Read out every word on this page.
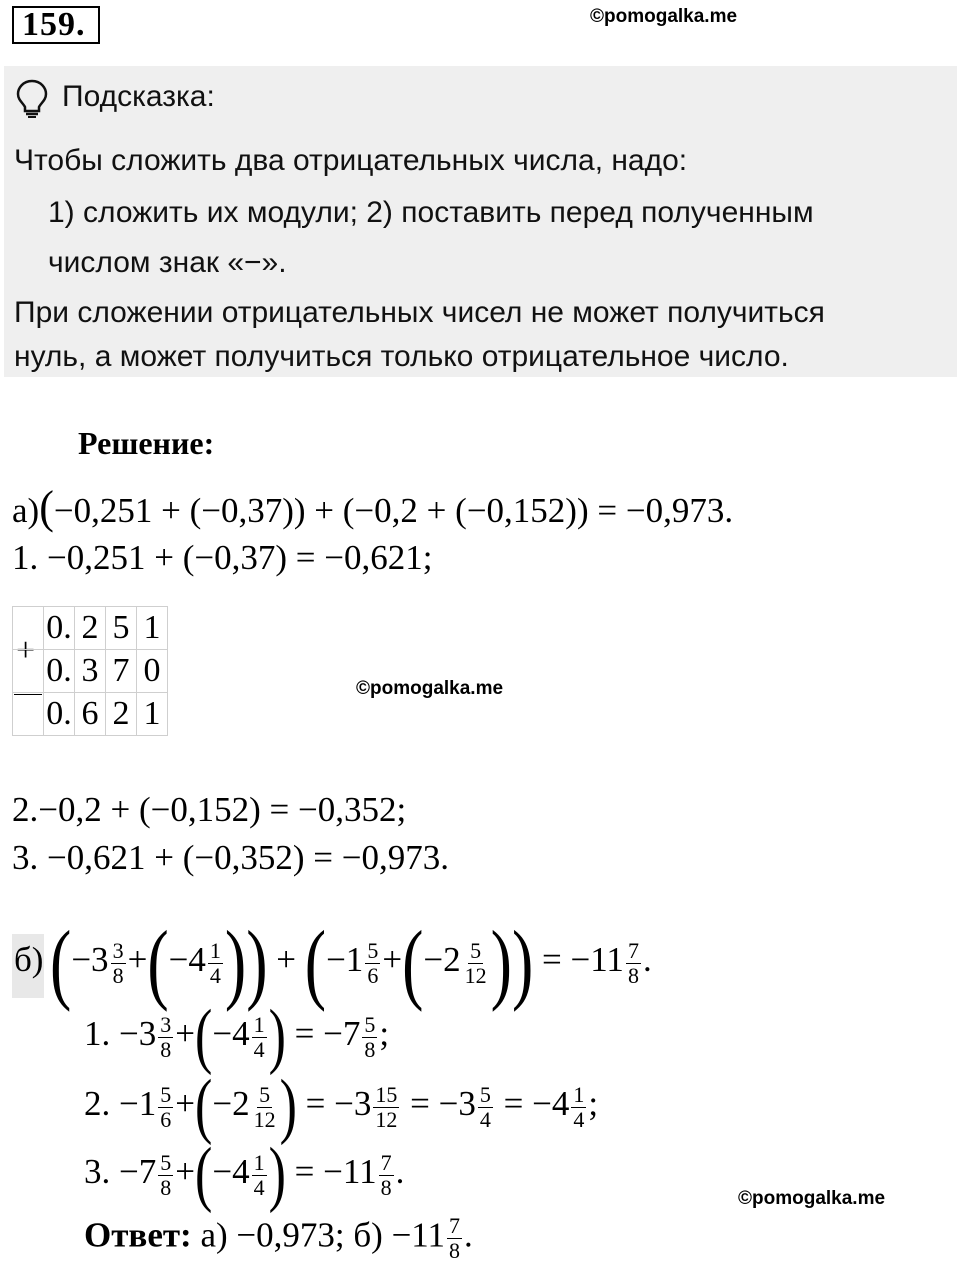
159.	©pomogalka.me
Подсказка:
Чтобы сложить два отрицательных числа, надо:
1) сложить их модули; 2) поставить перед полученным
числом знак «−».
При сложении отрицательных чисел не может получиться
нуль, а может получиться только отрицательное число.
Решение:
а)(−0,251 + (−0,37)) + (−0,2 + (−0,152)) = −0,973.
1. −0,251 + (−0,37) = −0,621;
+
	0.	2	5	1
	0.	3	7	0
	0.	6	2	1
©pomogalka.me
2.−0,2 + (−0,152) = −0,352;
3. −0,621 + (−0,352) = −0,973.
б) ($-3 \frac{3}{8} +(-4 \frac{1}{4}$ )) + ($-1 \frac{5}{6} +(-2 \frac{5}{12}$ )) = $-11 \frac{7}{8}$ .
1. $-3 \frac{3}{8} +(-4 \frac{1}{4}$ ) = $-7 \frac{5}{8}$ ;
2. $-1 \frac{5}{6} +(-2 \frac{5}{12}$ ) = $-3 \frac{15}{12} = -3 \frac{5}{4} = -4 \frac{1}{4}$ ;
3. $-7 \frac{5}{8} +(-4 \frac{1}{4}$ ) = $-11 \frac{7}{8}$ .
©pomogalka.me
Ответ: а) −0,973; $б) -11 \frac{7}{8}$ .
